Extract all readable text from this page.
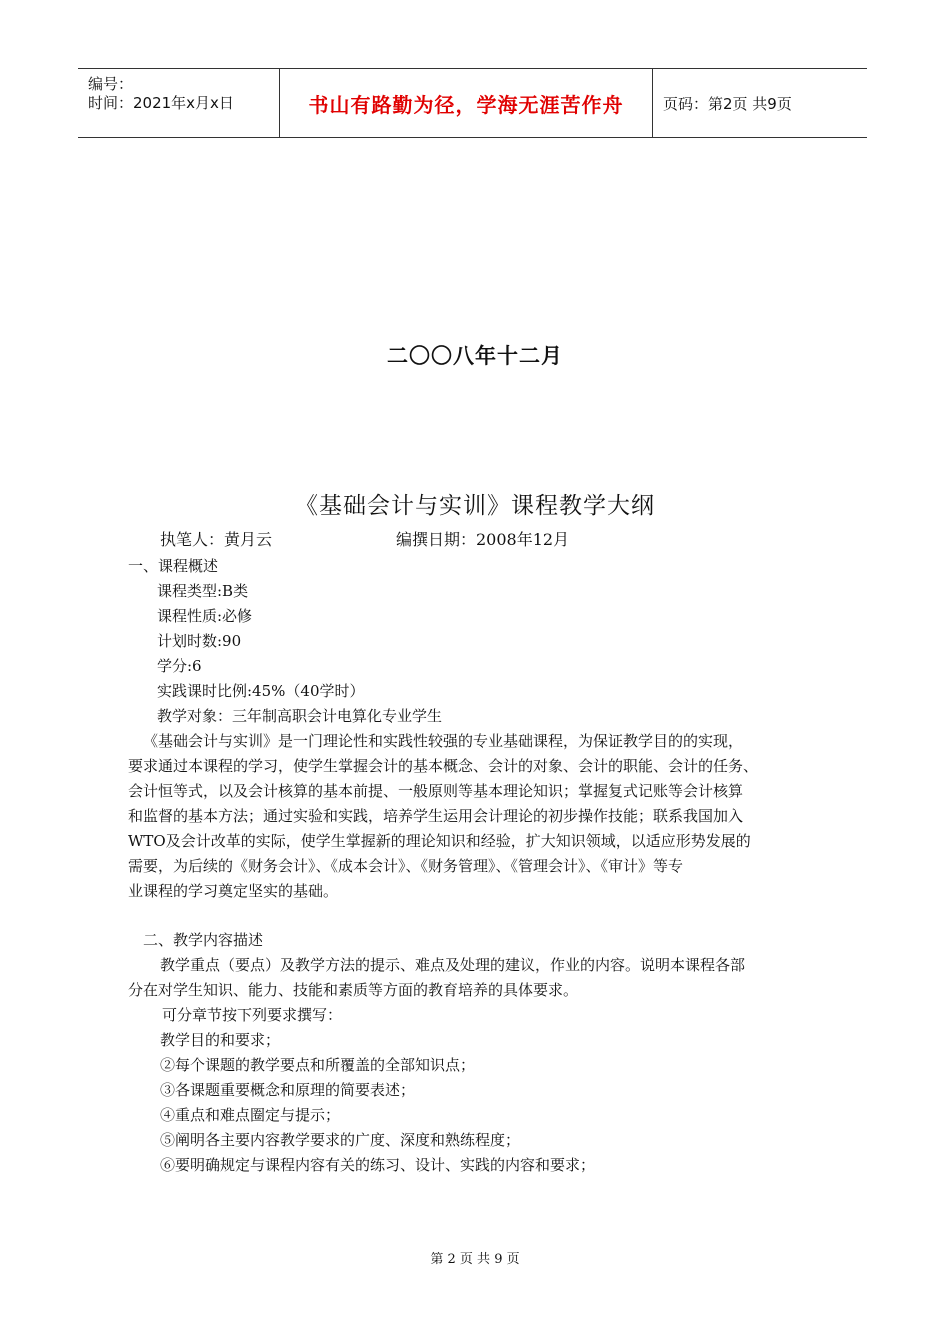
编号：
时间：2021年x月x日	书山有路勤为径，学海无涯苦作舟	页码：第2页 共9页
二〇〇八年十二月
《基础会计与实训》课程教学大纲
执笔人：黄月云	编撰日期：2008年12月
一、课程概述
课程类型:B类
课程性质:必修
计划时数:90
学分:6
实践课时比例:45%（40学时）
教学对象：三年制高职会计电算化专业学生
《基础会计与实训》是一门理论性和实践性较强的专业基础课程，为保证教学目的的实现，
要求通过本课程的学习，使学生掌握会计的基本概念、会计的对象、会计的职能、会计的任务、
会计恒等式，以及会计核算的基本前提、一般原则等基本理论知识；掌握复式记账等会计核算
和监督的基本方法；通过实验和实践，培养学生运用会计理论的初步操作技能；联系我国加入
WTO及会计改革的实际，使学生掌握新的理论知识和经验，扩大知识领域，以适应形势发展的
需要，为后续的《财务会计》、《成本会计》、《财务管理》、《管理会计》、《审计》等专
业课程的学习奠定坚实的基础。
二、教学内容描述
教学重点（要点）及教学方法的提示、难点及处理的建议，作业的内容。说明本课程各部
分在对学生知识、能力、技能和素质等方面的教育培养的具体要求。
可分章节按下列要求撰写：
教学目的和要求；
②每个课题的教学要点和所覆盖的全部知识点；
③各课题重要概念和原理的简要表述；
④重点和难点圈定与提示；
⑤阐明各主要内容教学要求的广度、深度和熟练程度；
⑥要明确规定与课程内容有关的练习、设计、实践的内容和要求；
第 2 页 共 9 页
